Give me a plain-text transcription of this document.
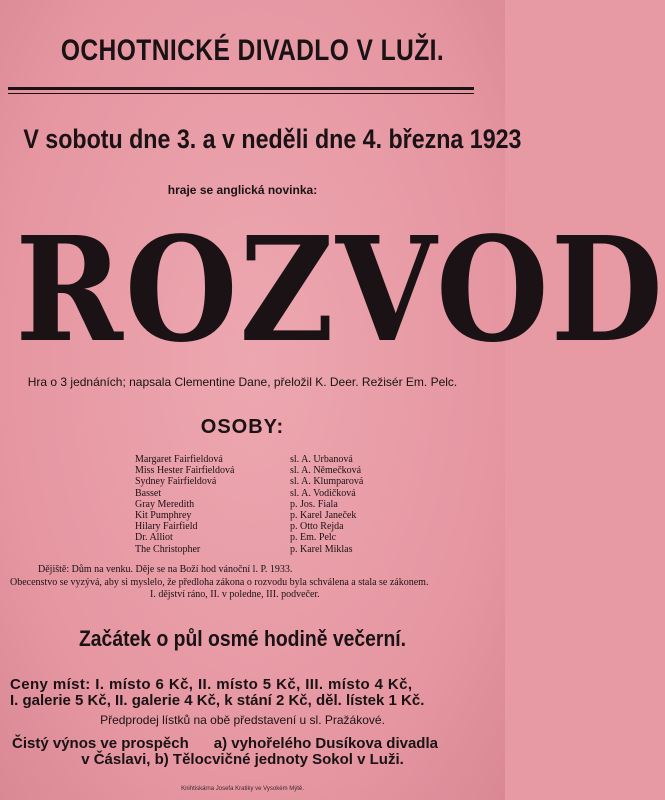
OCHOTNICKÉ DIVADLO V LUŽI.
V sobotu dne 3. a v neděli dne 4. března 1923
hraje se anglická novinka:
ROZVOD
Hra o 3 jednáních; napsala Clementine Dane, přeložil K. Deer. Režisér Em. Pelc.
OSOBY:
Margaret Fairfieldová	sl. A. Urbanová
Miss Hester Fairfieldová	sl. A. Němečková
Sydney Fairfieldová	sl. A. Klumparová
Basset	sl. A. Vodičková
Gray Meredith	p. Jos. Fiala
Kit Pumphrey	p. Karel Janeček
Hilary Fairfield	p. Otto Rejda
Dr. Alliot	p. Em. Pelc
The Christopher	p. Karel Miklas
Dějiště: Dům na venku. Děje se na Boží hod vánoční l. P. 1933.
Obecenstvo se vyzývá, aby si myslelo, že předloha zákona o rozvodu byla schválena a stala se zákonem.
I. dějství ráno, II. v poledne, III. podvečer.
Začátek o půl osmé hodině večerní.
Ceny míst: I. místo 6 Kč, II. místo 5 Kč, III. místo 4 Kč,
I. galerie 5 Kč, II. galerie 4 Kč, k stání 2 Kč, děl. lístek 1 Kč.
Předprodej lístků na obě představení u sl. Pražákové.
Čistý výnos ve prospěch      a) vyhořelého Dusíkova divadla
v Čáslavi, b) Tělocvičné jednoty Sokol v Luži.
Knihtiskárna Josefa Kratiky ve Vysokém Mýtě.
